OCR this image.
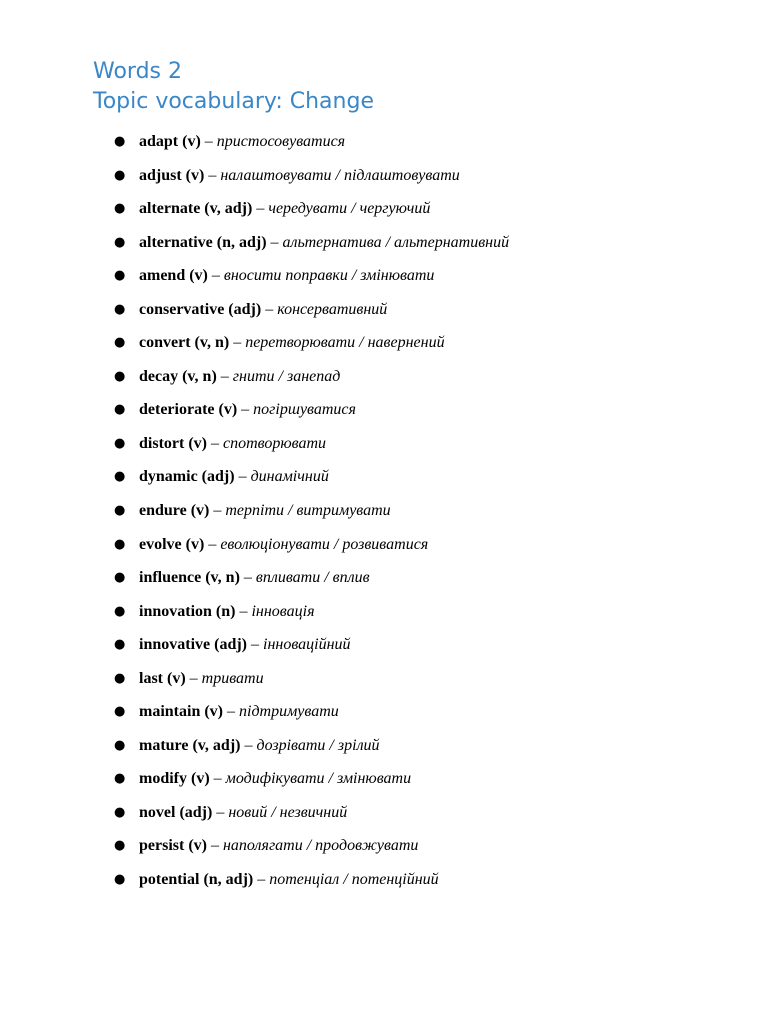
Words 2
Topic vocabulary: Change
● adapt (v) – пристосовуватися
● adjust (v) – налаштовувати / підлаштовувати
● alternate (v, adj) – чередувати / чергуючий
● alternative (n, adj) – альтернатива / альтернативний
● amend (v) – вносити поправки / змінювати
● conservative (adj) – консервативний
● convert (v, n) – перетворювати / навернений
● decay (v, n) – гнити / занепад
● deteriorate (v) – погіршуватися
● distort (v) – спотворювати
● dynamic (adj) – динамічний
● endure (v) – терпіти / витримувати
● evolve (v) – еволюціонувати / розвиватися
● influence (v, n) – впливати / вплив
● innovation (n) – інновація
● innovative (adj) – інноваційний
● last (v) – тривати
● maintain (v) – підтримувати
● mature (v, adj) – дозрівати / зрілий
● modify (v) – модифікувати / змінювати
● novel (adj) – новий / незвичний
● persist (v) – наполягати / продовжувати
● potential (n, adj) – потенціал / потенційний
